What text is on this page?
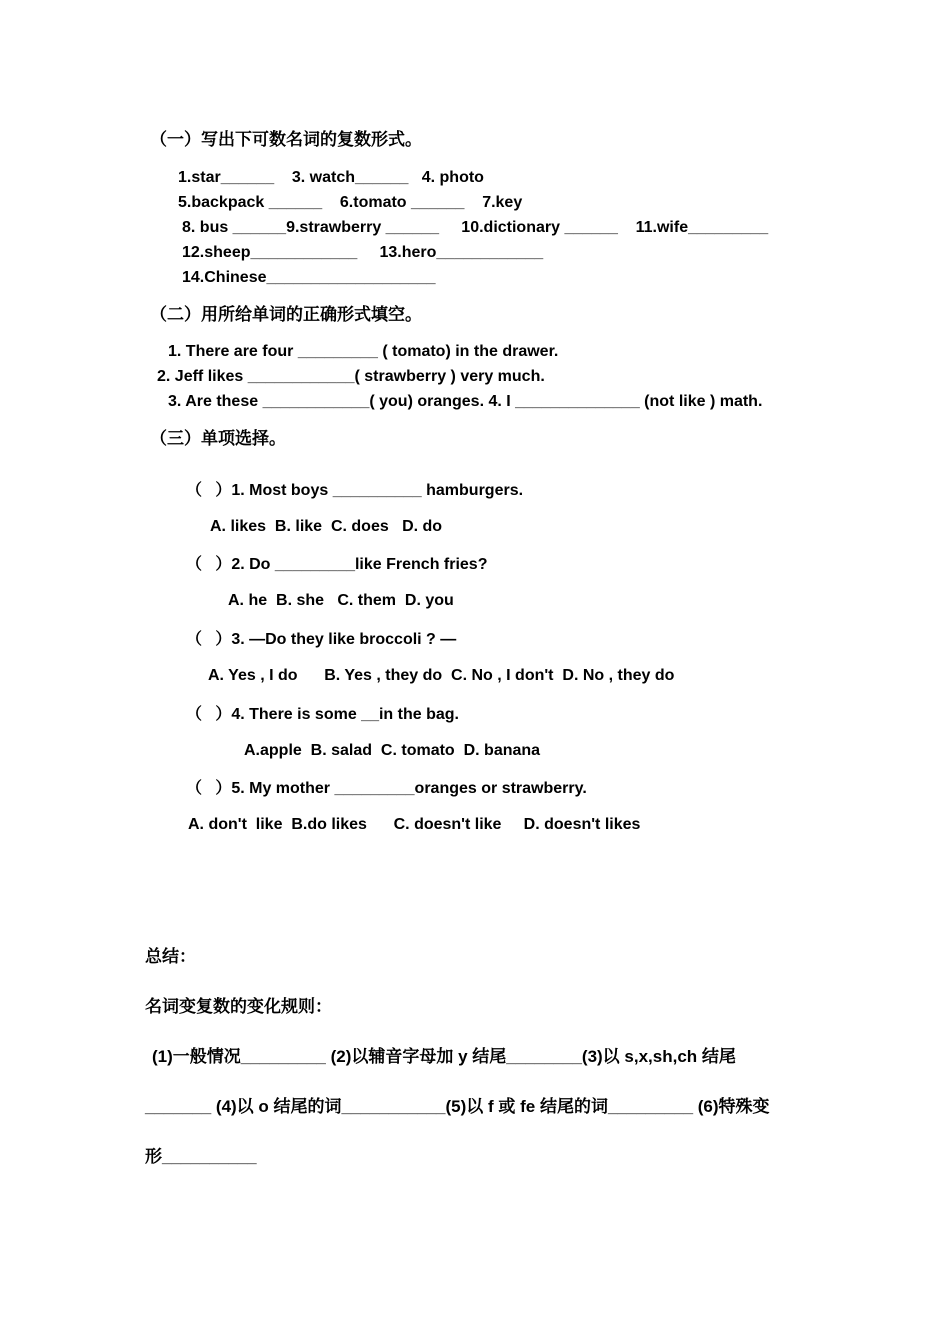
（一）写出下可数名词的复数形式。
1.star______    3. watch______   4. photo
5.backpack ______    6.tomato ______    7.key
8. bus ______9.strawberry ______     10.dictionary ______    11.wife_________
12.sheep____________     13.hero____________
14.Chinese___________________
（二）用所给单词的正确形式填空。
1. There are four _________ ( tomato) in the drawer.
2. Jeff likes ____________( strawberry ) very much.
3. Are these ____________( you) oranges. 4. I ______________ (not like ) math.
（三）单项选择。
（   ）1. Most boys __________ hamburgers.
A. likes  B. like  C. does   D. do
（   ）2. Do _________like French fries?
A. he  B. she   C. them  D. you
（   ）3. —Do they like broccoli ? —
A. Yes , I do      B. Yes , they do  C. No , I don't  D. No , they do
（   ）4. There is some __in the bag.
A.apple  B. salad  C. tomato  D. banana
（   ）5. My mother _________oranges or strawberry.
A. don't  like  B.do likes      C. doesn't like     D. doesn't likes
总结：
名词变复数的变化规则：
(1)一般情况_________ (2)以辅音字母加 y 结尾________(3)以 s,x,sh,ch 结尾
_______ (4)以 o 结尾的词___________(5)以 f 或 fe 结尾的词_________ (6)特殊变
形__________
